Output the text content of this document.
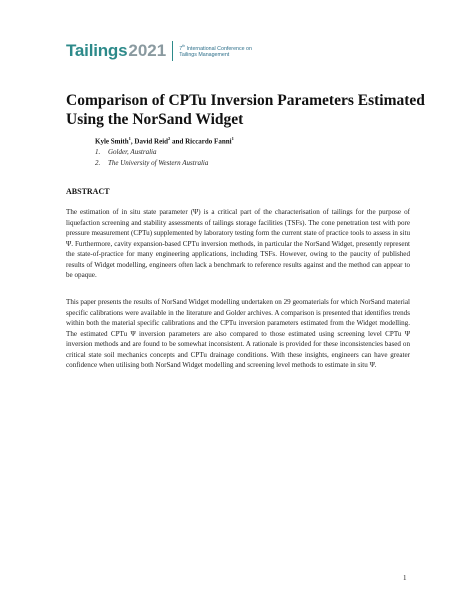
Tailings 2021 7th International Conference on
Tailings Management
Comparison of CPTu Inversion Parameters Estimated Using the NorSand Widget
Kyle Smith$^1$, David Reid$^2$ and Riccardo Fanni$^1$
1. Golder, Australia
2. The University of Western Australia
ABSTRACT

The estimation of in situ state parameter (Ψ) is a critical part of the characterisation of tailings for the purpose of liquefaction screening and stability assessments of tailings storage facilities (TSFs). The cone penetration test with pore pressure measurement (CPTu) supplemented by laboratory testing form the current state of practice tools to assess in situ Ψ. Furthermore, cavity expansion-based CPTu inversion methods, in particular the NorSand Widget, presently represent the state-of-practice for many engineering applications, including TSFs. However, owing to the paucity of published results of Widget modelling, engineers often lack a benchmark to reference results against and the method can appear to be opaque.

This paper presents the results of NorSand Widget modelling undertaken on 29 geomaterials for which NorSand material specific calibrations were available in the literature and Golder archives. A comparison is presented that identifies trends within both the material specific calibrations and the CPTu inversion parameters estimated from the Widget modelling. The estimated CPTu Ψ inversion parameters are also compared to those estimated using screening level CPTu Ψ inversion methods and are found to be somewhat inconsistent. A rationale is provided for these inconsistencies based on critical state soil mechanics concepts and CPTu drainage conditions. With these insights, engineers can have greater confidence when utilising both NorSand Widget modelling and screening level methods to estimate in situ Ψ.

1
